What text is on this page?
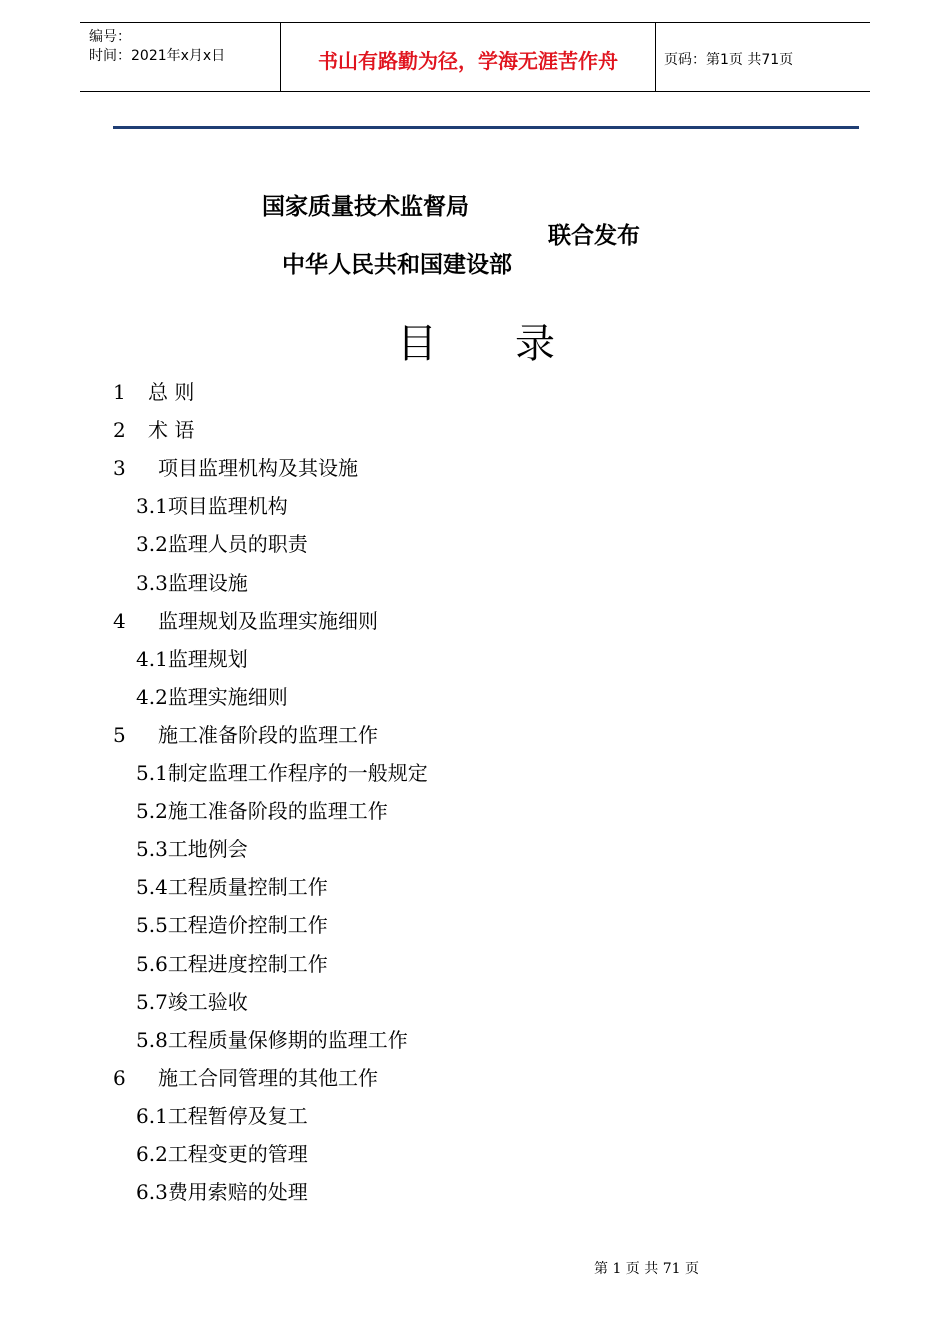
编号：
时间：2021年x月x日	书山有路勤为径，学海无涯苦作舟	页码：第1页 共71页
国家质量技术监督局
联合发布
中华人民共和国建设部
目录
1 总 则
2 术 语
3 项目监理机构及其设施
3.1项目监理机构
3.2监理人员的职责
3.3监理设施
4 监理规划及监理实施细则
4.1监理规划
4.2监理实施细则
5 施工准备阶段的监理工作
5.1制定监理工作程序的一般规定
5.2施工准备阶段的监理工作
5.3工地例会
5.4工程质量控制工作
5.5工程造价控制工作
5.6工程进度控制工作
5.7竣工验收
5.8工程质量保修期的监理工作
6 施工合同管理的其他工作
6.1工程暂停及复工
6.2工程变更的管理
6.3费用索赔的处理
第 1 页 共 71 页
